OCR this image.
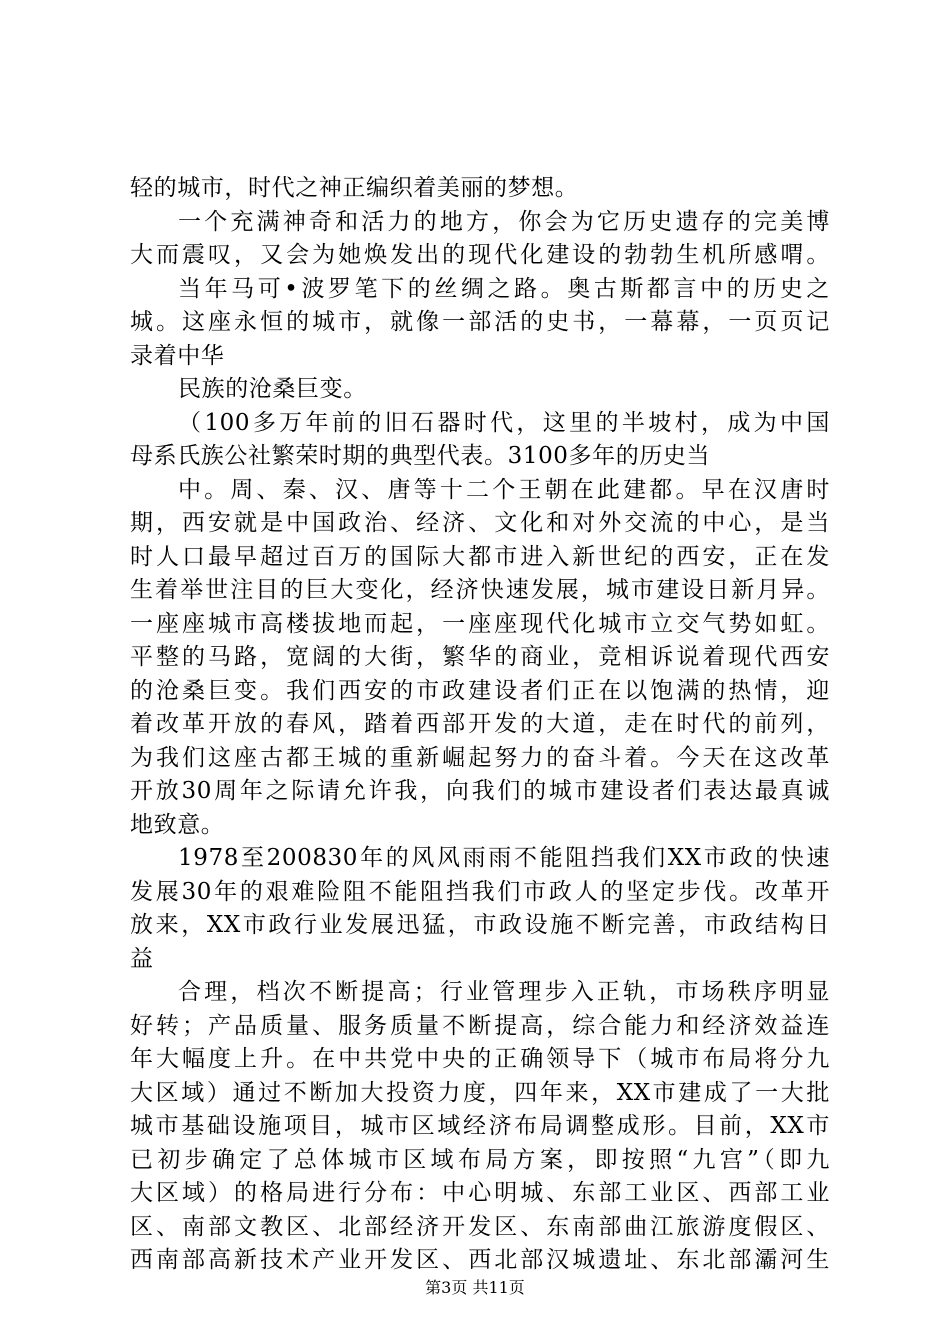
轻的城市，时代之神正编织着美丽的梦想。
一个充满神奇和活力的地方，你会为它历史遗存的完美博
大而震叹，又会为她焕发出的现代化建设的勃勃生机所感喟。
当年马可•波罗笔下的丝绸之路。奥古斯都言中的历史之
城。这座永恒的城市，就像一部活的史书，一幕幕，一页页记
录着中华
民族的沧桑巨变。
（100多万年前的旧石器时代，这里的半坡村，成为中国
母系氏族公社繁荣时期的典型代表。3100多年的历史当
中。周、秦、汉、唐等十二个王朝在此建都。早在汉唐时
期，西安就是中国政治、经济、文化和对外交流的中心，是当
时人口最早超过百万的国际大都市进入新世纪的西安，正在发
生着举世注目的巨大变化，经济快速发展，城市建设日新月异。
一座座城市高楼拔地而起，一座座现代化城市立交气势如虹。
平整的马路，宽阔的大街，繁华的商业，竞相诉说着现代西安
的沧桑巨变。我们西安的市政建设者们正在以饱满的热情，迎
着改革开放的春风，踏着西部开发的大道，走在时代的前列，
为我们这座古都王城的重新崛起努力的奋斗着。今天在这改革
开放30周年之际请允许我，向我们的城市建设者们表达最真诚
地致意。
1978至200830年的风风雨雨不能阻挡我们XX市政的快速
发展30年的艰难险阻不能阻挡我们市政人的坚定步伐。改革开
放来，XX市政行业发展迅猛，市政设施不断完善，市政结构日
益
合理，档次不断提高；行业管理步入正轨，市场秩序明显
好转；产品质量、服务质量不断提高，综合能力和经济效益连
年大幅度上升。在中共党中央的正确领导下（城市布局将分九
大区域）通过不断加大投资力度，四年来，XX市建成了一大批
城市基础设施项目，城市区域经济布局调整成形。目前，XX市
已初步确定了总体城市区域布局方案，即按照“九宫”（即九
大区域）的格局进行分布：中心明城、东部工业区、西部工业
区、南部文教区、北部经济开发区、东南部曲江旅游度假区、
西南部高新技术产业开发区、西北部汉城遗址、东北部灞河生
第3页 共11页
